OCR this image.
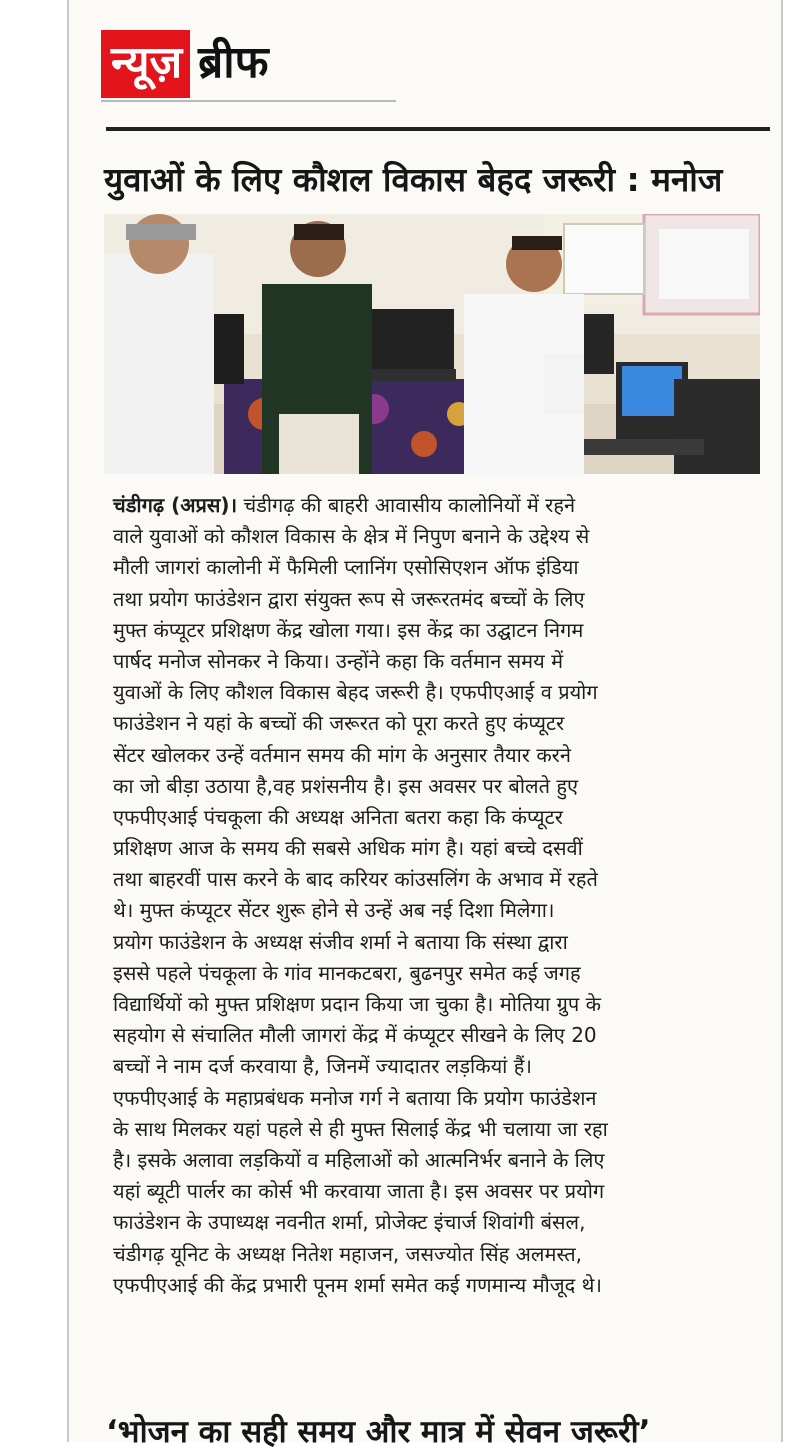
न्यूज़ ब्रीफ
युवाओं के लिए कौशल विकास बेहद जरूरी : मनोज
चंडीगढ़ (अप्रस)। चंडीगढ़ की बाहरी आवासीय कालोनियों में रहने
वाले युवाओं को कौशल विकास के क्षेत्र में निपुण बनाने के उद्देश्य से
मौली जागरां कालोनी में फैमिली प्लानिंग एसोसिएशन ऑफ इंडिया
तथा प्रयोग फाउंडेशन द्वारा संयुक्त रूप से जरूरतमंद बच्चों के लिए
मुफ्त कंप्यूटर प्रशिक्षण केंद्र खोला गया। इस केंद्र का उद्घाटन निगम
पार्षद मनोज सोनकर ने किया। उन्होंने कहा कि वर्तमान समय में
युवाओं के लिए कौशल विकास बेहद जरूरी है। एफपीएआई व प्रयोग
फाउंडेशन ने यहां के बच्चों की जरूरत को पूरा करते हुए कंप्यूटर
सेंटर खोलकर उन्हें वर्तमान समय की मांग के अनुसार तैयार करने
का जो बीड़ा उठाया है,वह प्रशंसनीय है। इस अवसर पर बोलते हुए
एफपीएआई पंचकूला की अध्यक्ष अनिता बतरा कहा कि कंप्यूटर
प्रशिक्षण आज के समय की सबसे अधिक मांग है। यहां बच्चे दसवीं
तथा बाहरवीं पास करने के बाद करियर कांउसलिंग के अभाव में रहते
थे। मुफ्त कंप्यूटर सेंटर शुरू होने से उन्हें अब नई दिशा मिलेगा।
प्रयोग फाउंडेशन के अध्यक्ष संजीव शर्मा ने बताया कि संस्था द्वारा
इससे पहले पंचकूला के गांव मानकटबरा, बुढनपुर समेत कई जगह
विद्यार्थियों को मुफ्त प्रशिक्षण प्रदान किया जा चुका है। मोतिया ग्रुप के
सहयोग से संचालित मौली जागरां केंद्र में कंप्यूटर सीखने के लिए 20
बच्चों ने नाम दर्ज करवाया है, जिनमें ज्यादातर लड़कियां हैं।
एफपीएआई के महाप्रबंधक मनोज गर्ग ने बताया कि प्रयोग फाउंडेशन
के साथ मिलकर यहां पहले से ही मुफ्त सिलाई केंद्र भी चलाया जा रहा
है। इसके अलावा लड़कियों व महिलाओं को आत्मनिर्भर बनाने के लिए
यहां ब्यूटी पार्लर का कोर्स भी करवाया जाता है। इस अवसर पर प्रयोग
फाउंडेशन के उपाध्यक्ष नवनीत शर्मा, प्रोजेक्ट इंचार्ज शिवांगी बंसल,
चंडीगढ़ यूनिट के अध्यक्ष नितेश महाजन, जसज्योत सिंह अलमस्त,
एफपीएआई की केंद्र प्रभारी पूनम शर्मा समेत कई गणमान्य मौजूद थे।
‘भोजन का सही समय और मात्र में सेवन जरूरी’
